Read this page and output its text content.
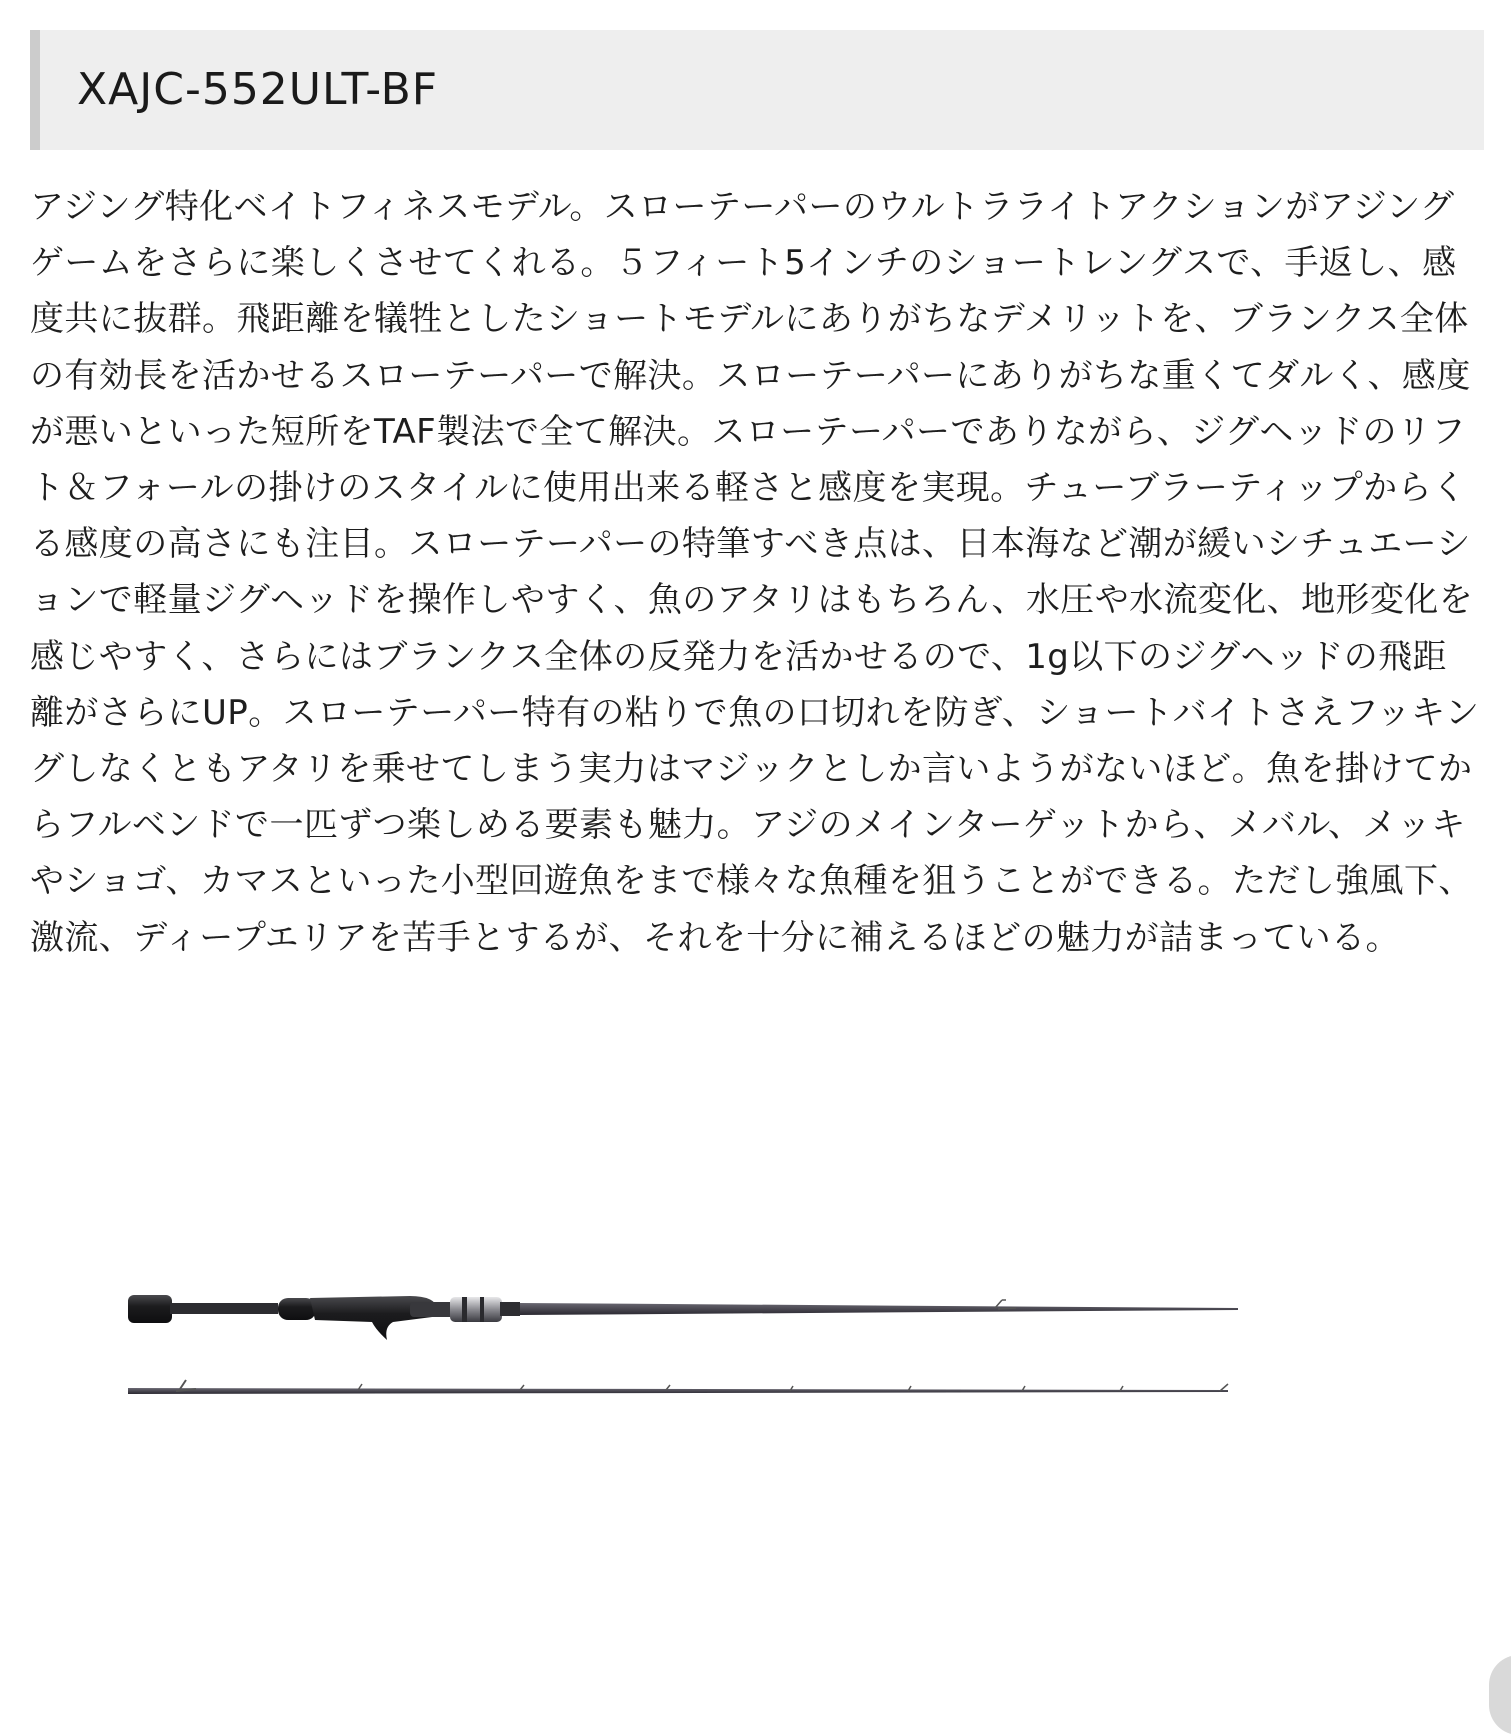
XAJC-552ULT-BF

アジング特化ベイトフィネスモデル。スローテーパーのウルトラライトアクションがアジングゲームをさらに楽しくさせてくれる。５フィート5インチのショートレングスで、手返し、感度共に抜群。飛距離を犠牲としたショートモデルにありがちなデメリットを、ブランクス全体の有効長を活かせるスローテーパーで解決。スローテーパーにありがちな重くてダルく、感度が悪いといった短所をTAF製法で全て解決。スローテーパーでありながら、ジグヘッドのリフト＆フォールの掛けのスタイルに使用出来る軽さと感度を実現。チューブラーティップからくる感度の高さにも注目。スローテーパーの特筆すべき点は、日本海など潮が緩いシチュエーションで軽量ジグヘッドを操作しやすく、魚のアタリはもちろん、水圧や水流変化、地形変化を感じやすく、さらにはブランクス全体の反発力を活かせるので、1g以下のジグヘッドの飛距離がさらにUP。スローテーパー特有の粘りで魚の口切れを防ぎ、ショートバイトさえフッキングしなくともアタリを乗せてしまう実力はマジックとしか言いようがないほど。魚を掛けてからフルベンドで一匹ずつ楽しめる要素も魅力。アジのメインターゲットから、メバル、メッキやショゴ、カマスといった小型回遊魚をまで様々な魚種を狙うことができる。ただし強風下、激流、ディープエリアを苦手とするが、それを十分に補えるほどの魅力が詰まっている。
